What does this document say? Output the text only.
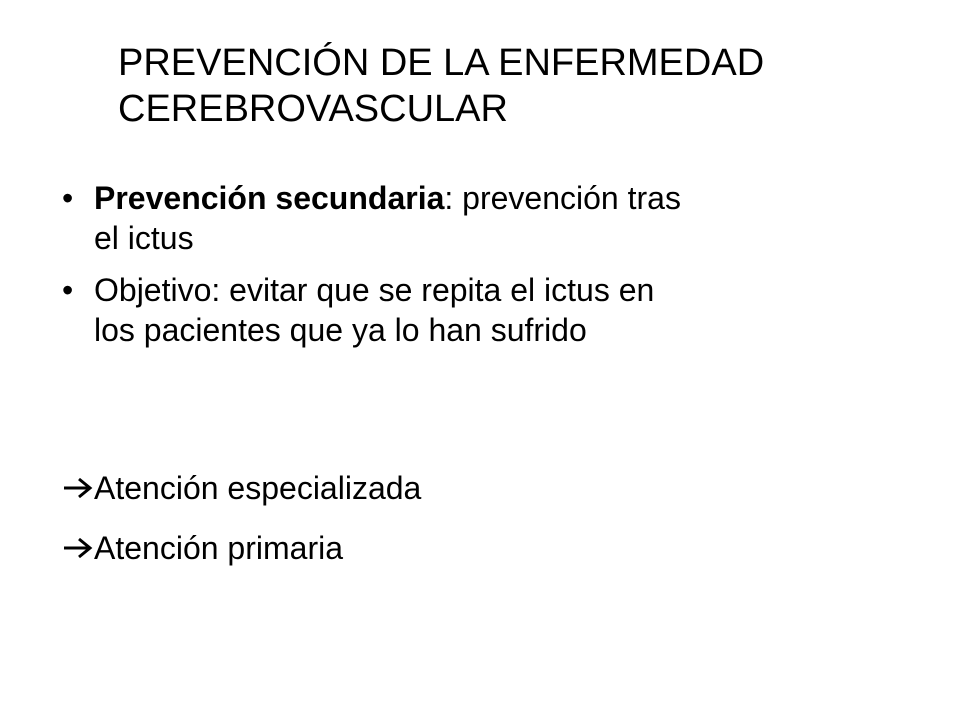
PREVENCIÓN DE LA ENFERMEDAD
CEREBROVASCULAR
• Prevención secundaria: prevención tras
el ictus
• Objetivo: evitar que se repita el ictus en
los pacientes que ya lo han sufrido
Atención especializada
Atención primaria
